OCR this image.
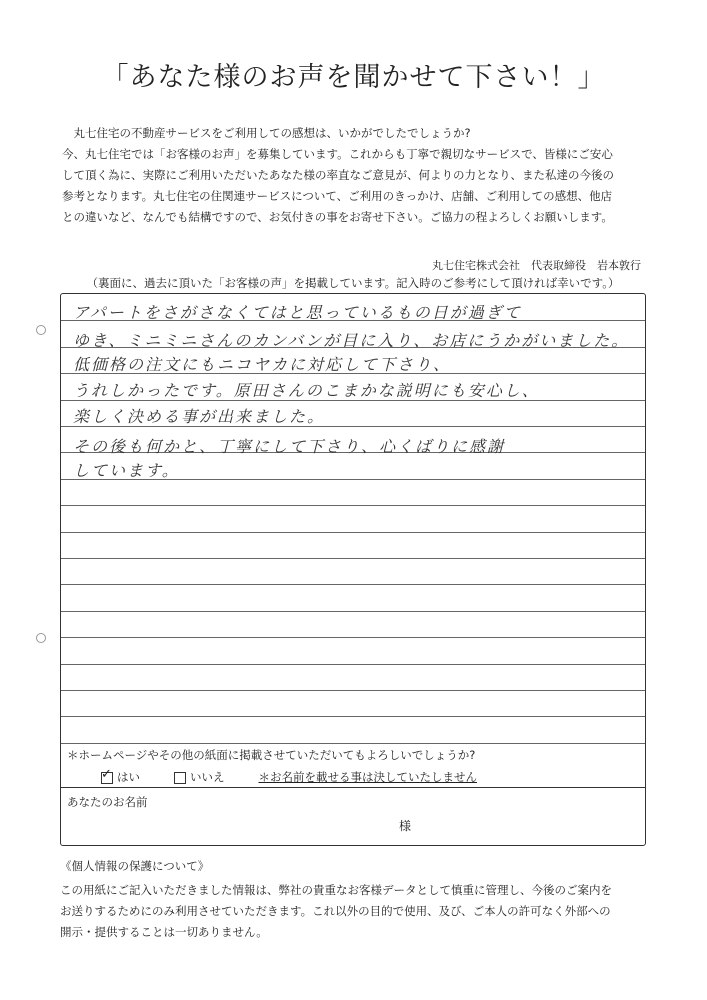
「あなた様のお声を聞かせて下さい！」

　丸七住宅の不動産サービスをご利用しての感想は、いかがでしたでしょうか?

今、丸七住宅では「お客様のお声」を募集しています。これからも丁寧で親切なサービスで、皆様にご安心

して頂く為に、実際にご利用いただいたあなた様の率直なご意見が、何よりの力となり、また私達の今後の

参考となります。丸七住宅の住関連サービスについて、ご利用のきっかけ、店舗、ご利用しての感想、他店

との違いなど、なんでも結構ですので、お気付きの事をお寄せ下さい。ご協力の程よろしくお願いします。

丸七住宅株式会社　代表取締役　岩本敦行
（裏面に、過去に頂いた「お客様の声」を掲載しています。記入時のご参考にして頂ければ幸いです。）
アパートをさがさなくてはと思っているもの日が過ぎて
ゆき、ミニミニさんのカンバンが目に入り、お店にうかがいました。
低価格の注文にもニコヤカに対応して下さり、
うれしかったです。原田さんのこまかな説明にも安心し、
楽しく決める事が出来ました。
その後も何かと、丁寧にして下さり、心くばりに感謝
しています。
＊ホームページやその他の紙面に掲載させていただいてもよろしいでしょうか?
✓はい	いいえ	＊お名前を載せる事は決していたしません
あなたのお名前
様
《個人情報の保護について》

この用紙にご記入いただきました情報は、弊社の貴重なお客様データとして慎重に管理し、今後のご案内を

お送りするためにのみ利用させていただきます。これ以外の目的で使用、及び、ご本人の許可なく外部への

開示・提供することは一切ありません。
